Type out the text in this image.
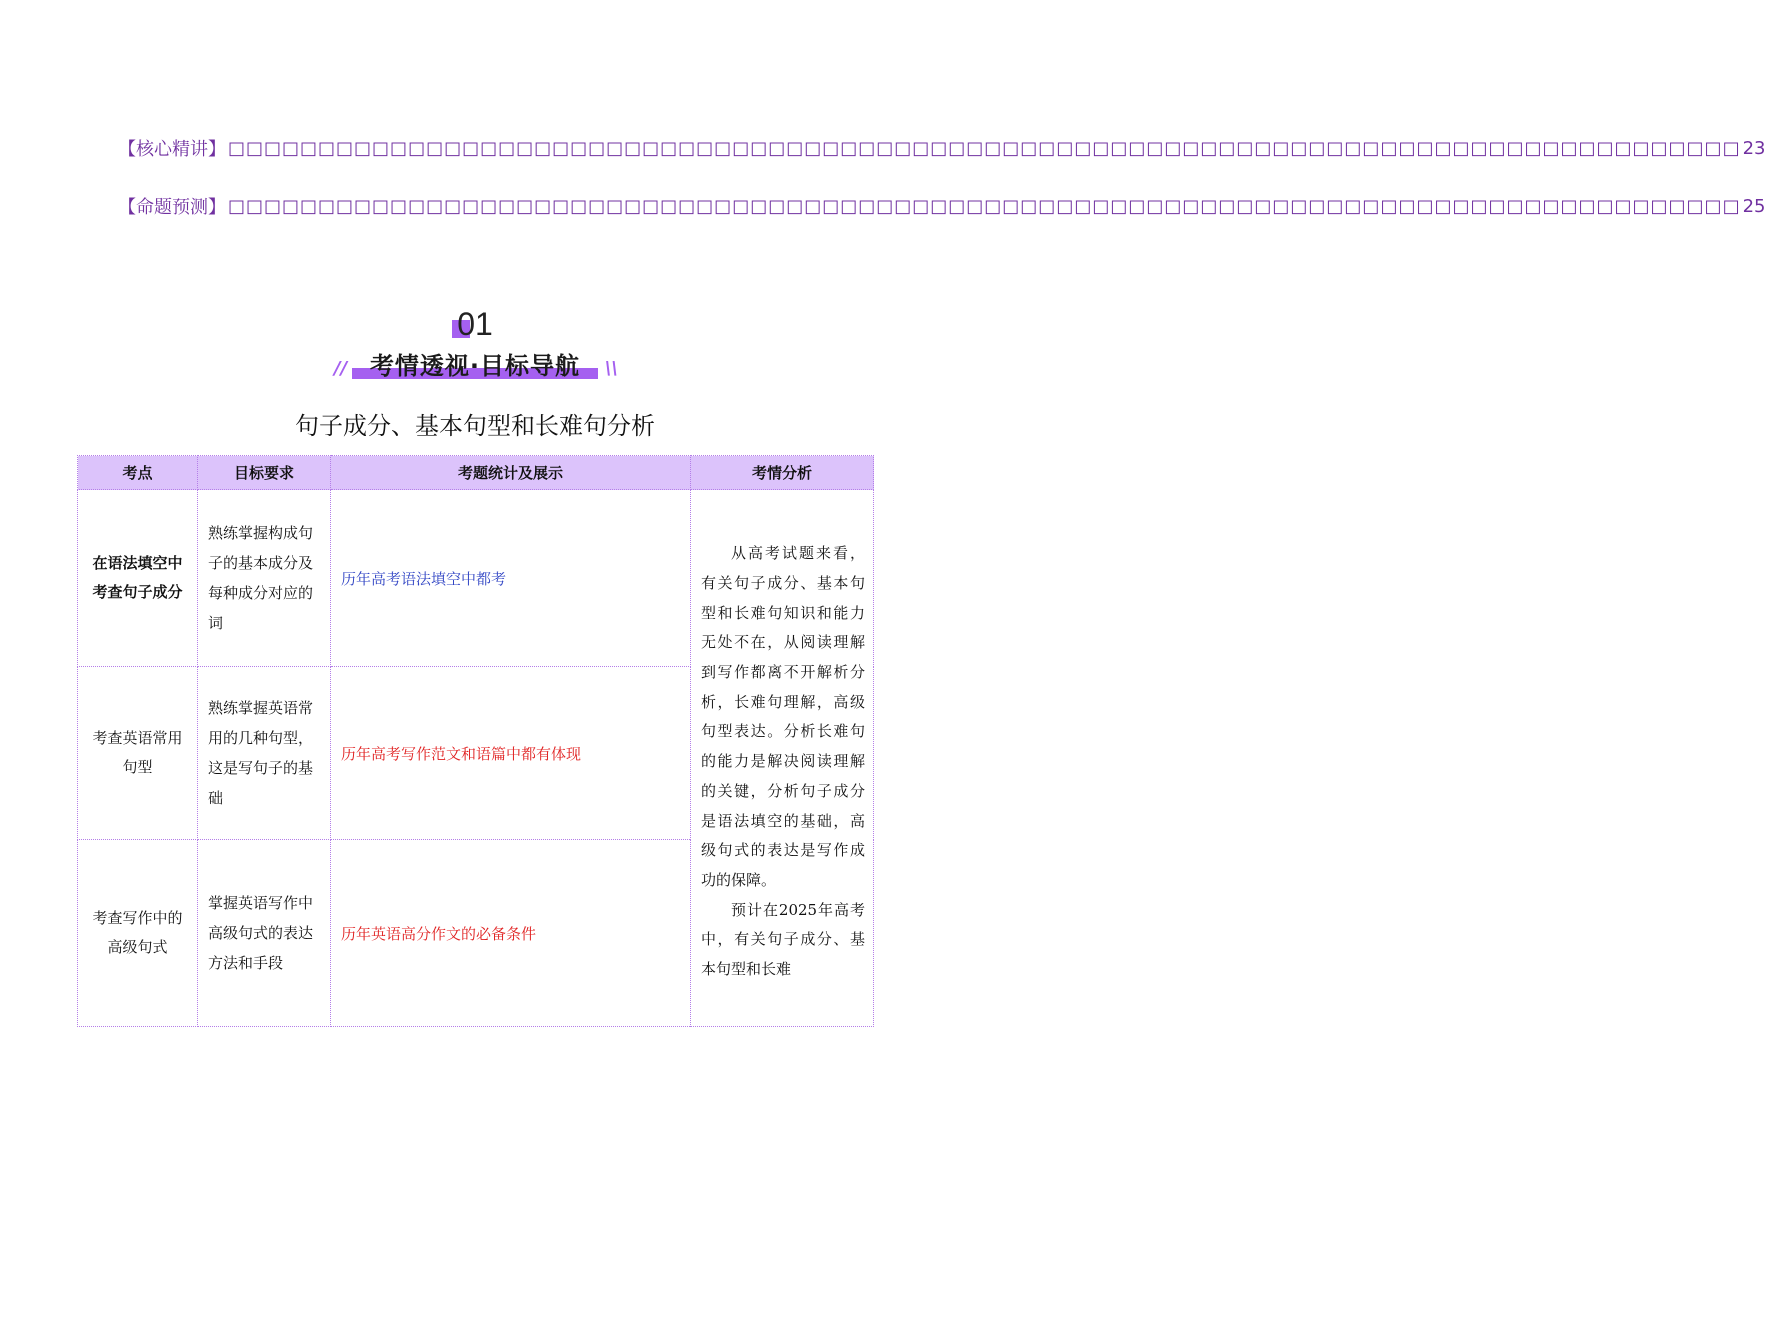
【核心精讲】 □□□□□□□□□□□□□□□□□□□□□□□□□□□□□□□□□□□□□□□□□□□□□□□□□□□□□□□□□□□□□□□□□□□□□□□□□□□□□□□□□□□□ 23
【命题预测】 □□□□□□□□□□□□□□□□□□□□□□□□□□□□□□□□□□□□□□□□□□□□□□□□□□□□□□□□□□□□□□□□□□□□□□□□□□□□□□□□□□□□ 25
01
考情透视·目标导航
//	\\
句子成分、基本句型和长难句分析
考点	目标要求	考题统计及展示	考情分析
在语法填空中考查句子成分	熟练掌握构成句子的基本成分及每种成分对应的词	历年高考语法填空中都考	从高考试题来看，有关句子成分、基本句型和长难句知识和能力无处不在，从阅读理解到写作都离不开解析分析，长难句理解，高级句型表达。分析长难句的能力是解决阅读理解的关键，分析句子成分是语法填空的基础，高级句式的表达是写作成功的保障。

预计在2025年高考中，有关句子成分、基本句型和长难

考查英语常用句型	熟练掌握英语常用的几种句型，这是写句子的基础	历年高考写作范文和语篇中都有体现	
考查写作中的高级句式	掌握英语写作中高级句式的表达方法和手段	历年英语高分作文的必备条件	
